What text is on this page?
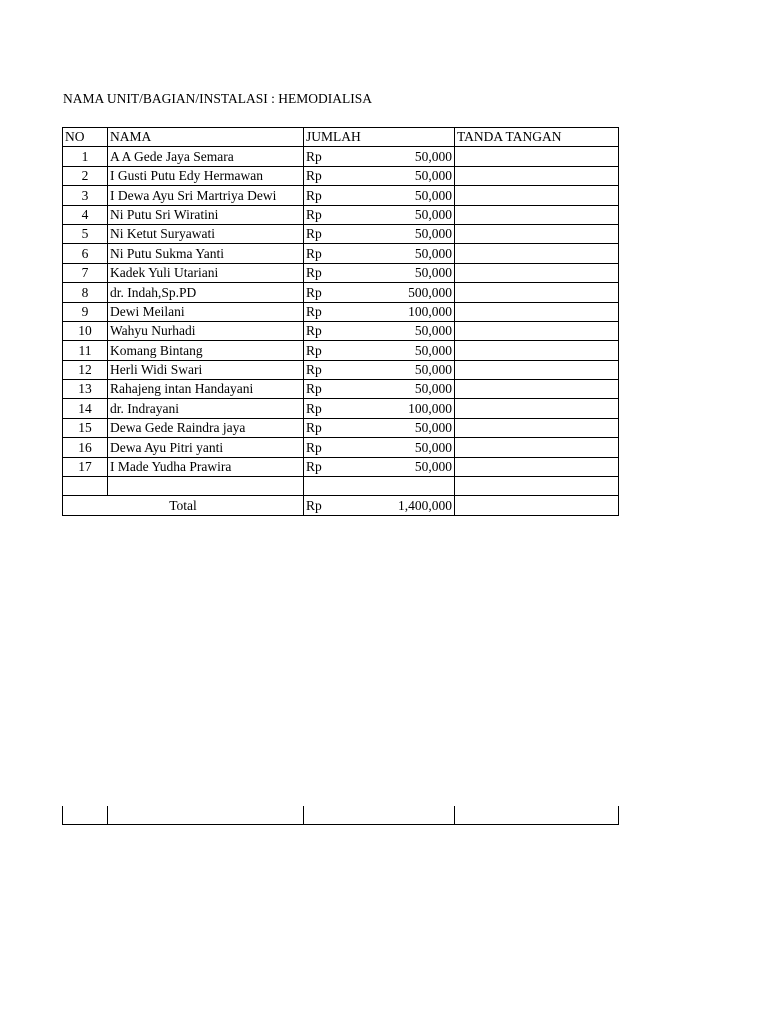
NAMA UNIT/BAGIAN/INSTALASI : HEMODIALISA
NO	NAMA	JUMLAH		TANDA TANGAN
1	A A Gede Jaya Semara	Rp	50,000	
2	I Gusti Putu Edy Hermawan	Rp	50,000	
3	I Dewa Ayu Sri Martriya Dewi	Rp	50,000	
4	Ni Putu Sri Wiratini	Rp	50,000	
5	Ni Ketut Suryawati	Rp	50,000	
6	Ni Putu Sukma Yanti	Rp	50,000	
7	Kadek Yuli Utariani	Rp	50,000	
8	dr. Indah,Sp.PD	Rp	500,000	
9	Dewi Meilani	Rp	100,000	
10	Wahyu Nurhadi	Rp	50,000	
11	Komang Bintang	Rp	50,000	
12	Herli Widi Swari	Rp	50,000	
13	Rahajeng intan Handayani	Rp	50,000	
14	dr. Indrayani	Rp	100,000	
15	Dewa Gede Raindra jaya	Rp	50,000	
16	Dewa Ayu Pitri yanti	Rp	50,000	
17	I Made Yudha Prawira	Rp	50,000	

Total		Rp	1,400,000	
